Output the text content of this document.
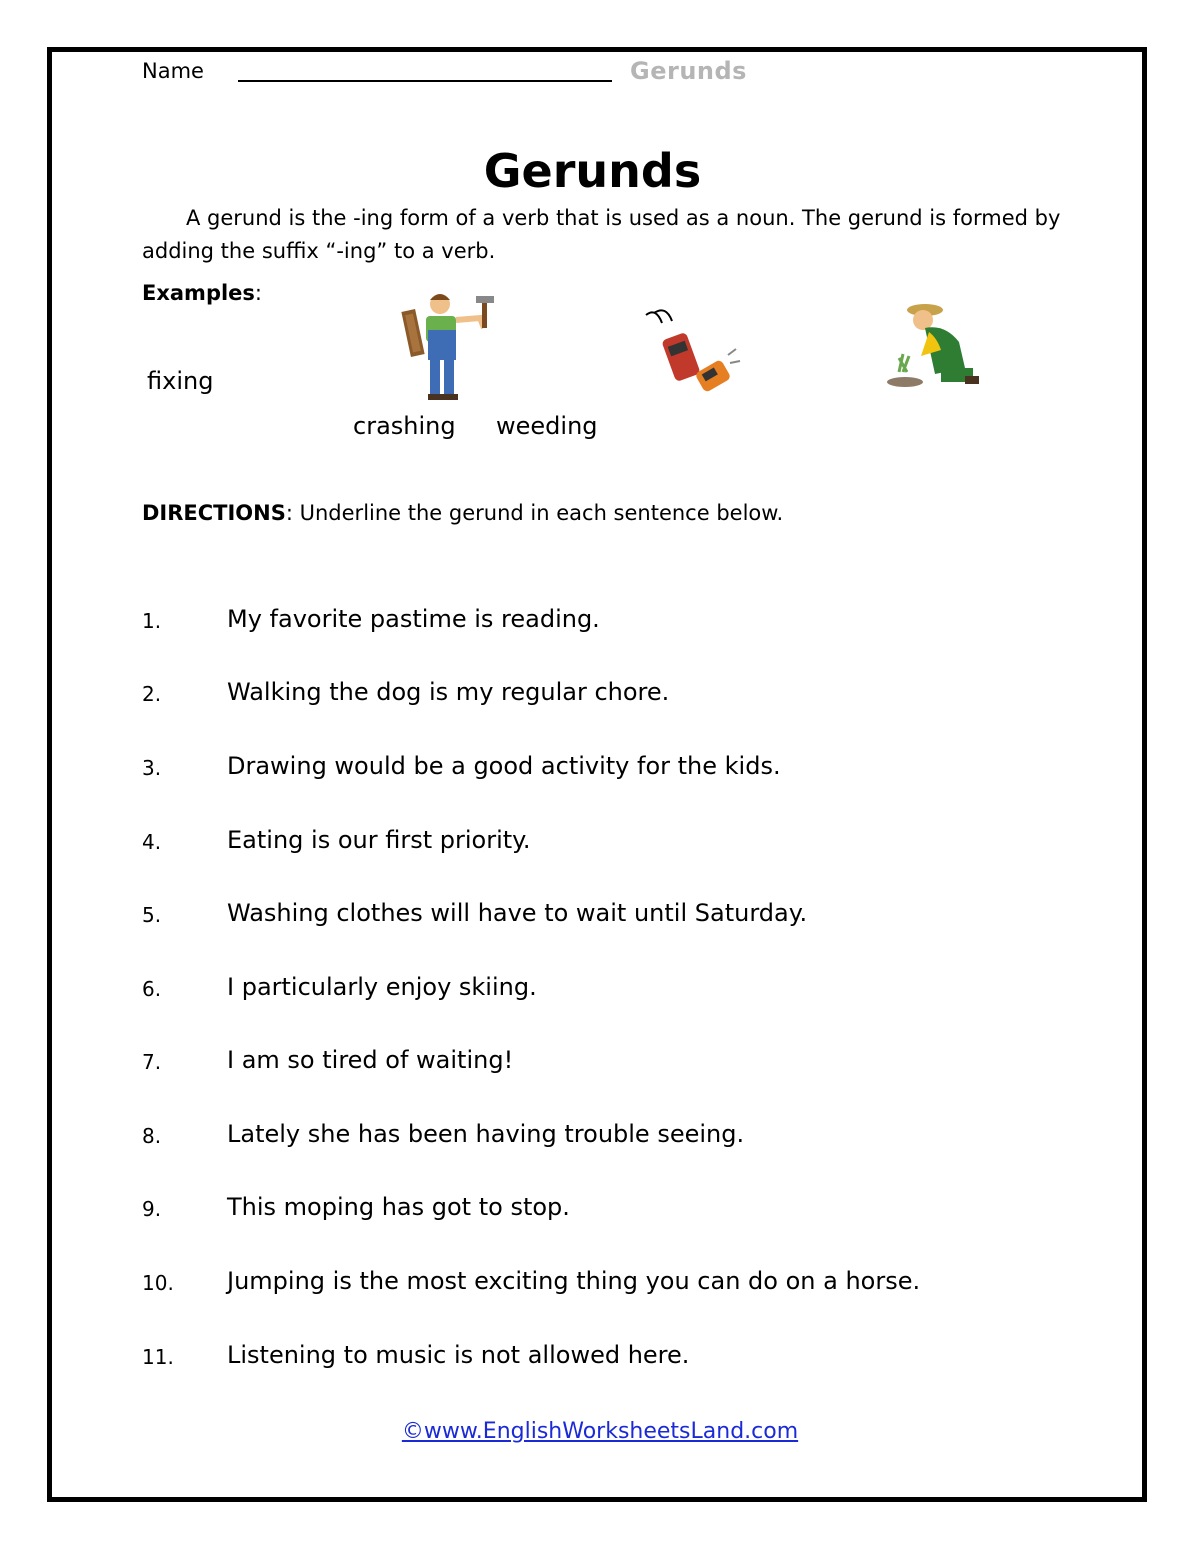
Name	Gerunds
Gerunds
A gerund is the -ing form of a verb that is used as a noun. The gerund is formed by adding the suffix “-ing” to a verb.
Examples:
fixing
crashing weeding
DIRECTIONS: Underline the gerund in each sentence below.
1.	My favorite pastime is reading.
2.	Walking the dog is my regular chore.
3.	Drawing would be a good activity for the kids.
4.	Eating is our first priority.
5.	Washing clothes will have to wait until Saturday.
6.	I particularly enjoy skiing.
7.	I am so tired of waiting!
8.	Lately she has been having trouble seeing.
9.	This moping has got to stop.
10. Jumping is the most exciting thing you can do on a horse.
11. Listening to music is not allowed here.
©www.EnglishWorksheetsLand.com
